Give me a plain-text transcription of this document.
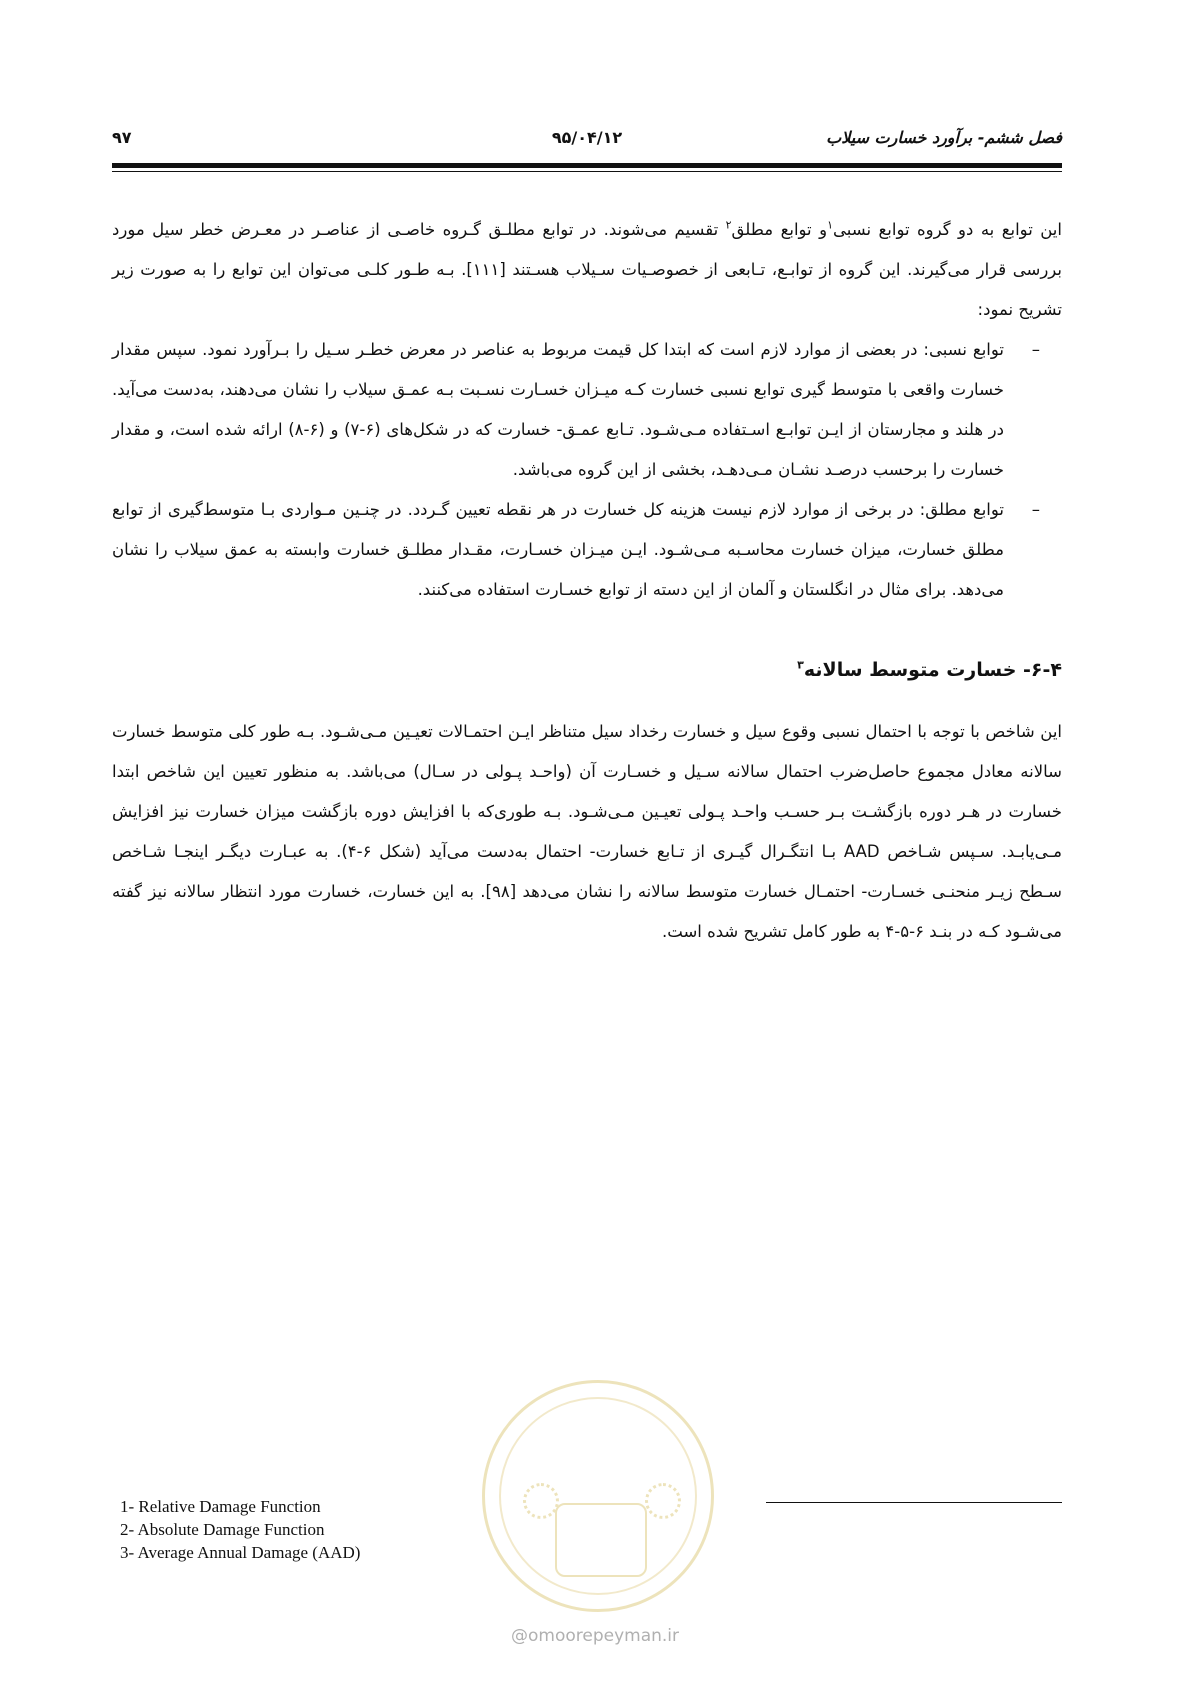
۹۷	۹۵/۰۴/۱۲	فصل ششم- برآورد خسارت سیلاب

این توابع به دو گروه توابع نسبی$^۱$و توابع مطلق$^۲$ تقسیم می‌شوند. در توابع مطلـق گـروه خاصـی از عناصـر در معـرض خطر سیل مورد بررسی قرار می‌گیرند. این گروه از توابـع، تـابعی از خصوصـیات سـیلاب هسـتند [۱۱۱]. بـه طـور کلـی می‌توان این توابع را به صورت زیر تشریح نمود:

–
توابع نسبی: در بعضی از موارد لازم است که ابتدا کل قیمت مربوط به عناصر در معرض خطـر سـیل را بـرآورد نمود. سپس مقدار خسارت واقعی با متوسط گیری توابع نسبی خسارت کـه میـزان خسـارت نسـبت بـه عمـق سیلاب را نشان می‌دهند، به‌دست می‌آید. در هلند و مجارستان از ایـن توابـع اسـتفاده مـی‌شـود. تـابع عمـق- خسارت که در شکل‌های (۶-۷) و (۶-۸) ارائه شده است، و مقدار خسارت را برحسب درصـد نشـان مـی‌دهـد، بخشی از این گروه می‌باشد.

–
توابع مطلق: در برخی از موارد لازم نیست هزینه کل خسارت در هر نقطه تعیین گـردد. در چنـین مـواردی بـا متوسط‌گیری از توابع مطلق خسارت، میزان خسارت محاسـبه مـی‌شـود. ایـن میـزان خسـارت، مقـدار مطلـق خسارت وابسته به عمق سیلاب را نشان می‌دهد. برای مثال در انگلستان و آلمان از این دسته از توابع خسـارت استفاده می‌کنند.

۶-۴- خسارت متوسط سالانه$^۳$

این شاخص با توجه با احتمال نسبی وقوع سیل و خسارت رخداد سیل متناظر ایـن احتمـالات تعیـین مـی‌شـود. بـه طور کلی متوسط خسارت سالانه معادل مجموع حاصل‌ضرب احتمال سالانه سـیل و خسـارت آن (واحـد پـولی در سـال) می‌باشد. به منظور تعیین این شاخص ابتدا خسارت در هـر دوره بازگشـت بـر حسـب واحـد پـولی تعیـین مـی‌شـود. بـه طوری‌که با افزایش دوره بازگشت میزان خسارت نیز افزایش مـی‌یابـد. سـپس شـاخص AAD بـا انتگـرال گیـری از تـابع خسارت- احتمال به‌دست می‌آید (شکل ۶-۴). به عبـارت دیگـر اینجـا شـاخص سـطح زیـر منحنـی خسـارت- احتمـال خسارت متوسط سالانه را نشان می‌دهد [۹۸]. به این خسارت، خسارت مورد انتظار سالانه نیز گفته می‌شـود کـه در بنـد ۶-۵-۴ به طور کامل تشریح شده است.

1- Relative Damage Function
2- Absolute Damage Function
3- Average Annual Damage (AAD)
@omoorepeyman.ir
